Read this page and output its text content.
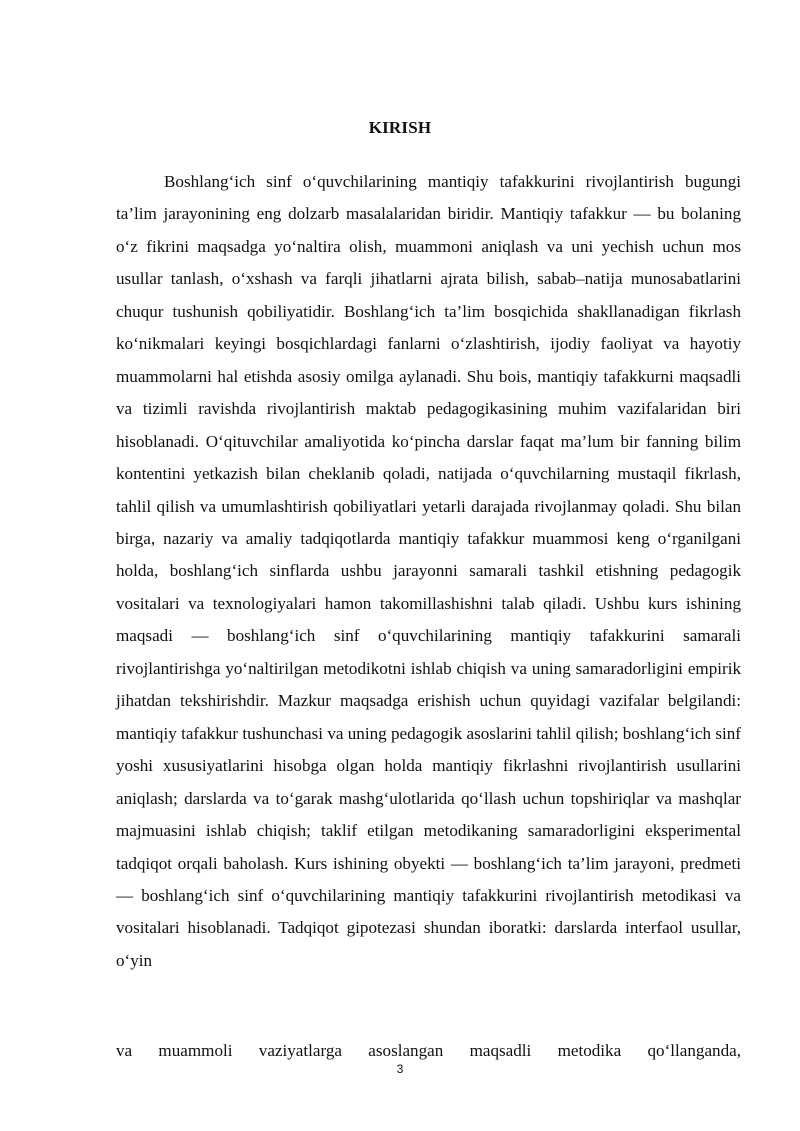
KIRISH

Boshlang‘ich sinf o‘quvchilarining mantiqiy tafakkurini rivojlantirish bugungi ta’lim jarayonining eng dolzarb masalalaridan biridir. Mantiqiy tafakkur — bu bolaning o‘z fikrini maqsadga yo‘naltira olish, muammoni aniqlash va uni yechish uchun mos usullar tanlash, o‘xshash va farqli jihatlarni ajrata bilish, sabab–natija munosabatlarini chuqur tushunish qobiliyatidir. Boshlang‘ich ta’lim bosqichida shakllanadigan fikrlash ko‘nikmalari keyingi bosqichlardagi fanlarni o‘zlashtirish, ijodiy faoliyat va hayotiy muammolarni hal etishda asosiy omilga aylanadi. Shu bois, mantiqiy tafakkurni maqsadli va tizimli ravishda rivojlantirish maktab pedagogikasining muhim vazifalaridan biri hisoblanadi. O‘qituvchilar amaliyotida ko‘pincha darslar faqat ma’lum bir fanning bilim kontentini yetkazish bilan cheklanib qoladi, natijada o‘quvchilarning mustaqil fikrlash, tahlil qilish va umumlashtirish qobiliyatlari yetarli darajada rivojlanmay qoladi. Shu bilan birga, nazariy va amaliy tadqiqotlarda mantiqiy tafakkur muammosi keng o‘rganilgani holda, boshlang‘ich sinflarda ushbu jarayonni samarali tashkil etishning pedagogik vositalari va texnologiyalari hamon takomillashishni talab qiladi. Ushbu kurs ishining maqsadi — boshlang‘ich sinf o‘quvchilarining mantiqiy tafakkurini samarali rivojlantirishga yo‘naltirilgan metodikotni ishlab chiqish va uning samaradorligini empirik jihatdan tekshirishdir. Mazkur maqsadga erishish uchun quyidagi vazifalar belgilandi: mantiqiy tafakkur tushunchasi va uning pedagogik asoslarini tahlil qilish; boshlang‘ich sinf yoshi xususiyatlarini hisobga olgan holda mantiqiy fikrlashni rivojlantirish usullarini aniqlash; darslarda va to‘garak mashg‘ulotlarida qo‘llash uchun topshiriqlar va mashqlar majmuasini ishlab chiqish; taklif etilgan metodikaning samaradorligini eksperimental tadqiqot orqali baholash. Kurs ishining obyekti — boshlang‘ich ta’lim jarayoni, predmeti — boshlang‘ich sinf o‘quvchilarining mantiqiy tafakkurini rivojlantirish metodikasi va vositalari hisoblanadi. Tadqiqot gipotezasi shundan iboratki: darslarda interfaol usullar, o‘yin

va muammoli vaziyatlarga asoslangan maqsadli metodika qo‘llanganda,

3
